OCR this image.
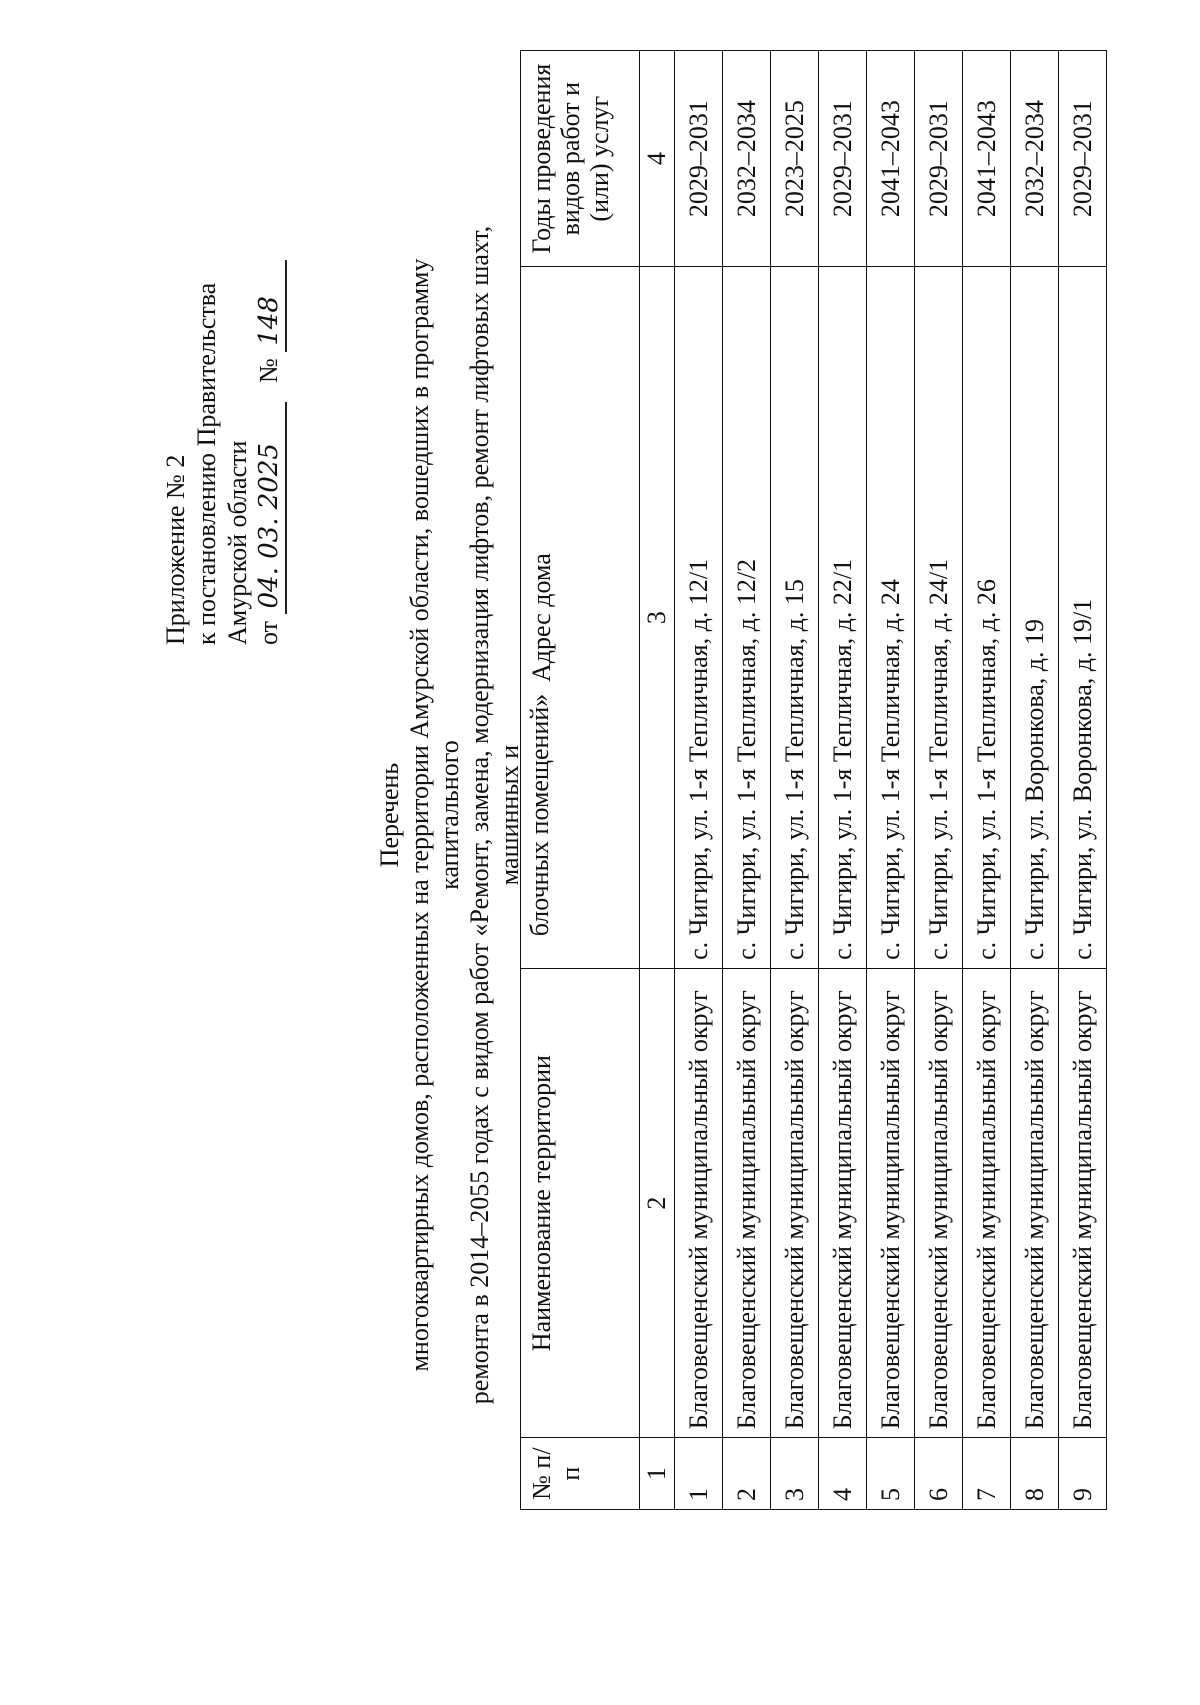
Приложение № 2 к постановлению Правительства Амурской области от 04. 03. 2025   № 148
Перечень многоквартирных домов, расположенных на территории Амурской области, вошедших в программу капитального ремонта в 2014–2055 годах с видом работ «Ремонт, замена, модернизация лифтов, ремонт лифтовых шахт, машинных и блочных помещений»
№ п/п	Наименование территории	Адрес дома	Годы проведения видов работ и (или) услуг
1	2	3	4
1	Благовещенский муниципальный округ	с. Чигири, ул. 1-я Тепличная, д. 12/1	2029–2031
2	Благовещенский муниципальный округ	с. Чигири, ул. 1-я Тепличная, д. 12/2	2032–2034
3	Благовещенский муниципальный округ	с. Чигири, ул. 1-я Тепличная, д. 15	2023–2025
4	Благовещенский муниципальный округ	с. Чигири, ул. 1-я Тепличная, д. 22/1	2029–2031
5	Благовещенский муниципальный округ	с. Чигири, ул. 1-я Тепличная, д. 24	2041–2043
6	Благовещенский муниципальный округ	с. Чигири, ул. 1-я Тепличная, д. 24/1	2029–2031
7	Благовещенский муниципальный округ	с. Чигири, ул. 1-я Тепличная, д. 26	2041–2043
8	Благовещенский муниципальный округ	с. Чигири, ул. Воронкова, д. 19	2032–2034
9	Благовещенский муниципальный округ	с. Чигири, ул. Воронкова, д. 19/1	2029–2031
